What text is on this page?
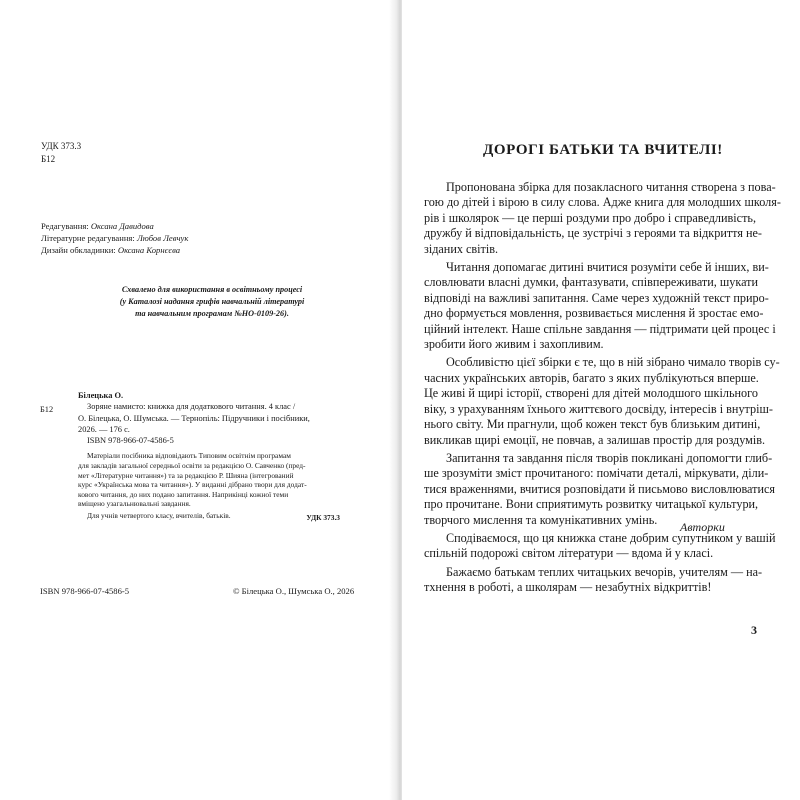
УДК 373.3
Б12
Редагування: Оксана Давидова
Літературне редагування: Любов Левчук
Дизайн обкладинки: Оксана Корнєєва
Схвалено для використання в освітньому процесі
(у Каталозі надання грифів навчальній літературі
та навчальним програмам №НО-0109-26).
Б12
Білецька О.
Зоряне намисто: книжка для додаткового читання. 4 клас /
О. Білецька, О. Шумська. — Тернопіль: Підручники і посібники,
2026. — 176 с.
ISBN 978-966-07-4586-5
Матеріали посібника відповідають Типовим освітнім програмам
для закладів загальної середньої освіти за редакцією О. Савченко (пред-
мет «Літературне читання») та за редакцією Р. Шияна (інтегрований
курс «Українська мова та читання»). У виданні дібрано твори для додат-
кового читання, до них подано запитання. Наприкінці кожної теми
вміщено узагальнювальні завдання.
Для учнів четвертого класу, вчителів, батьків.	УДК 373.3
ISBN 978-966-07-4586-5	© Білецька О., Шумська О., 2026
ДОРОГІ БАТЬКИ ТА ВЧИТЕЛІ!

Пропонована збірка для позакласного читання створена з пова-
гою до дітей і вірою в силу слова. Адже книга для молодших школя-
рів і школярок — це перші роздуми про добро і справедливість,
дружбу й відповідальність, це зустрічі з героями та відкриття не-
зіданих світів.

Читання допомагає дитині вчитися розуміти себе й інших, ви-
словлювати власні думки, фантазувати, співпереживати, шукати
відповіді на важливі запитання. Саме через художній текст приро-
дно формується мовлення, розвивається мислення й зростає емо-
ційний інтелект. Наше спільне завдання — підтримати цей процес і
зробити його живим і захопливим.

Особливістю цієї збірки є те, що в ній зібрано чимало творів су-
часних українських авторів, багато з яких публікуються вперше.
Це живі й щирі історії, створені для дітей молодшого шкільного
віку, з урахуванням їхнього життєвого досвіду, інтересів і внутріш-
нього світу. Ми прагнули, щоб кожен текст був близьким дитині,
викликав щирі емоції, не повчав, а залишав простір для роздумів.

Запитання та завдання після творів покликані допомогти глиб-
ше зрозуміти зміст прочитаного: помічати деталі, міркувати, діли-
тися враженнями, вчитися розповідати й письмово висловлюватися
про прочитане. Вони сприятимуть розвитку читацької культури,
творчого мислення та комунікативних умінь.

Сподіваємося, що ця книжка стане добрим супутником у вашій
спільній подорожі світом літератури — вдома й у класі.

Бажаємо батькам теплих читацьких вечорів, учителям — на-
тхнення в роботі, а школярам — незабутніх відкриттів!

Авторки
3
